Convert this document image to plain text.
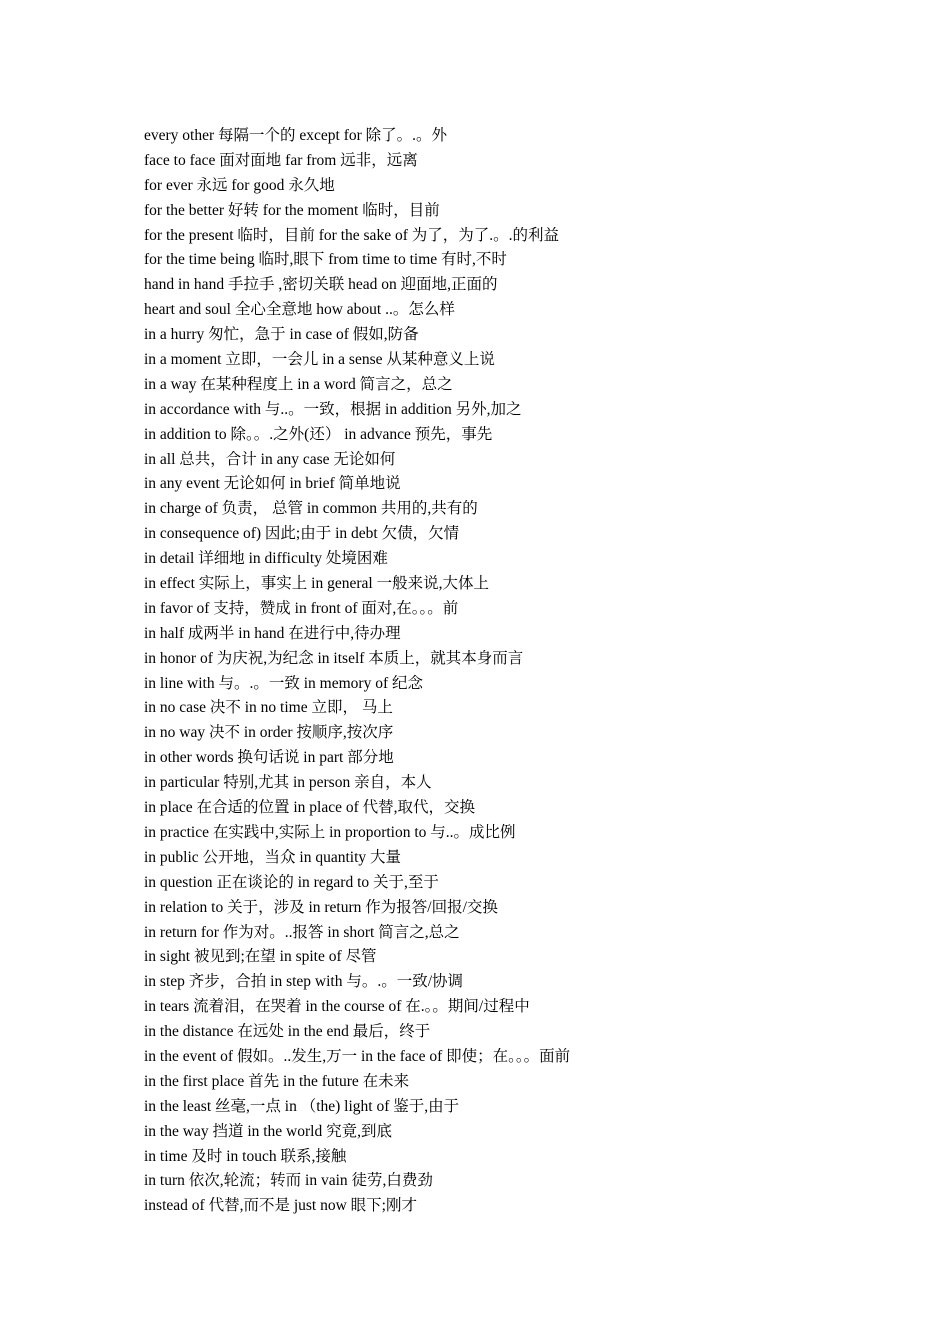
every other 每隔一个的 except for 除了。.。外
face to face 面对面地 far from 远非，远离
for ever 永远 for good 永久地
for the better 好转 for the moment 临时，目前
for the present 临时，目前 for the sake of 为了，为了.。.的利益
for the time being 临时,眼下 from time to time 有时,不时
hand in hand 手拉手 ,密切关联 head on 迎面地,正面的
heart and soul 全心全意地 how about ..。怎么样
in a hurry 匆忙，急于 in case of 假如,防备
in a moment 立即，一会儿 in a sense 从某种意义上说
in a way 在某种程度上 in a word 简言之，总之
in accordance with 与..。一致，根据 in addition 另外,加之
in addition to 除。。.之外(还） in advance 预先，事先
in all 总共，合计 in any case 无论如何
in any event 无论如何 in brief 简单地说
in charge of 负责， 总管 in common 共用的,共有的
in consequence of) 因此;由于 in debt 欠债，欠情
in detail 详细地 in difficulty 处境困难
in effect 实际上，事实上 in general 一般来说,大体上
in favor of 支持，赞成 in front of 面对,在。。。前
in half 成两半 in hand 在进行中,待办理
in honor of 为庆祝,为纪念 in itself 本质上，就其本身而言
in line with 与。.。一致 in memory of 纪念
in no case 决不 in no time 立即， 马上
in no way 决不 in order 按顺序,按次序
in other words 换句话说 in part 部分地
in particular 特别,尤其 in person 亲自，本人
in place 在合适的位置 in place of 代替,取代，交换
in practice 在实践中,实际上 in proportion to 与..。成比例
in public 公开地，当众 in quantity 大量
in question 正在谈论的 in regard to 关于,至于
in relation to 关于，涉及 in return 作为报答/回报/交换
in return for 作为对。..报答 in short 简言之,总之
in sight 被见到;在望 in spite of 尽管
in step 齐步，合拍 in step with 与。.。一致/协调
in tears 流着泪，在哭着 in the course of 在.。。期间/过程中
in the distance 在远处 in the end 最后，终于
in the event of 假如。..发生,万一 in the face of 即使；在。。。面前
in the first place 首先 in the future 在未来
in the least 丝毫,一点 in （the) light of 鉴于,由于
in the way 挡道 in the world 究竟,到底
in time 及时 in touch 联系,接触
in turn 依次,轮流；转而 in vain 徒劳,白费劲
instead of 代替,而不是 just now 眼下;刚才
